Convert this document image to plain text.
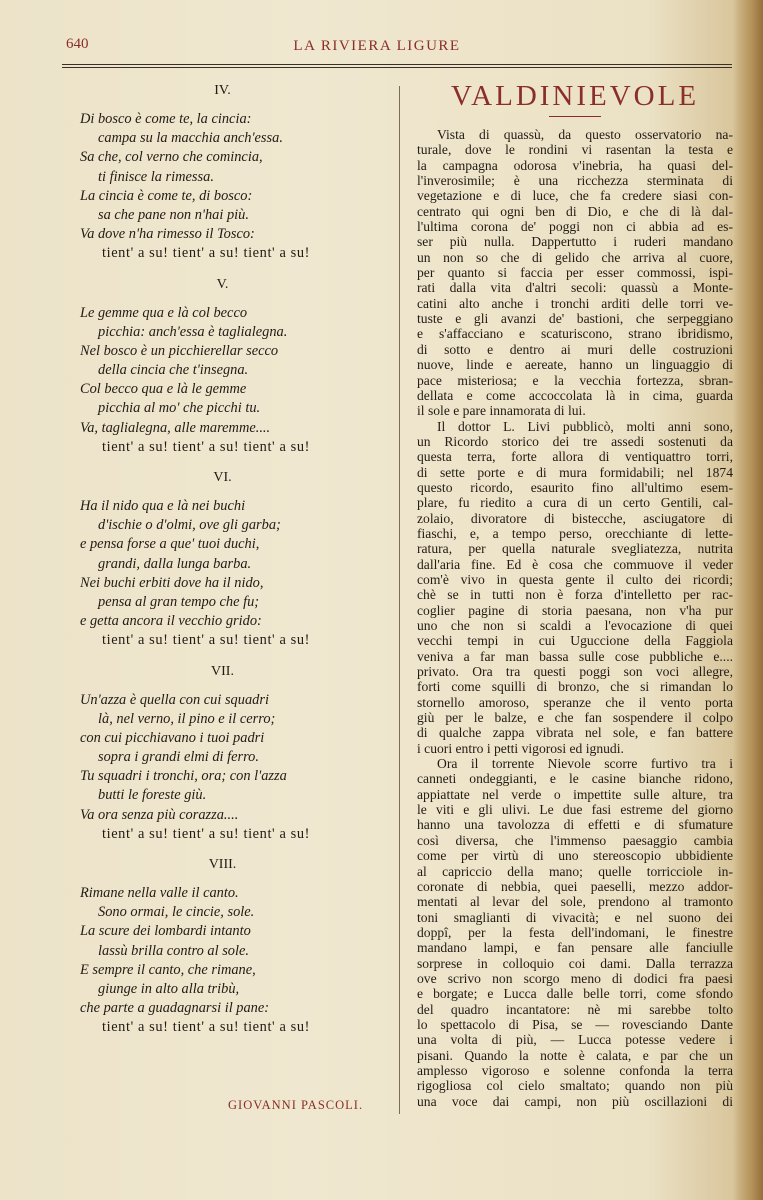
640	LA RIVIERA LIGURE
IV.
Di bosco è come te, la cincia:
campa su la macchia anch'essa.
Sa che, col verno che comincia,
ti finisce la rimessa.
La cincia è come te, di bosco:
sa che pane non n'hai più.
Va dove n'ha rimesso il Tosco:
tient' a su! tient' a su! tient' a su!
V.
Le gemme qua e là col becco
picchia: anch'essa è taglialegna.
Nel bosco è un picchierellar secco
della cincia che t'insegna.
Col becco qua e là le gemme
picchia al mo' che picchi tu.
Va, taglialegna, alle maremme....
tient' a su! tient' a su! tient' a su!
VI.
Ha il nido qua e là nei buchi
d'ischie o d'olmi, ove gli garba;
e pensa forse a que' tuoi duchi,
grandi, dalla lunga barba.
Nei buchi erbiti dove ha il nido,
pensa al gran tempo che fu;
e getta ancora il vecchio grido:
tient' a su! tient' a su! tient' a su!
VII.
Un'azza è quella con cui squadri
là, nel verno, il pino e il cerro;
con cui picchiavano i tuoi padri
sopra i grandi elmi di ferro.
Tu squadri i tronchi, ora; con l'azza
butti le foreste giù.
Va ora senza più corazza....
tient' a su! tient' a su! tient' a su!
VIII.
Rimane nella valle il canto.
Sono ormai, le cincie, sole.
La scure dei lombardi intanto
lassù brilla contro al sole.
E sempre il canto, che rimane,
giunge in alto alla tribù,
che parte a guadagnarsi il pane:
tient' a su! tient' a su! tient' a su!
GIOVANNI PASCOLI.
VALDINIEVOLE
Vista di quassù, da questo osservatorio na-
turale, dove le rondini vi rasentan la testa e
la campagna odorosa v'inebria, ha quasi del-
l'inverosimile; è una ricchezza sterminata di
vegetazione e di luce, che fa credere siasi con-
centrato qui ogni ben di Dio, e che di là dal-
l'ultima corona de' poggi non ci abbia ad es-
ser più nulla. Dappertutto i ruderi mandano
un non so che di gelido che arriva al cuore,
per quanto si faccia per esser commossi, ispi-
rati dalla vita d'altri secoli: quassù a Monte-
catini alto anche i tronchi arditi delle torri ve-
tuste e gli avanzi de' bastioni, che serpeggiano
e s'affacciano e scaturiscono, strano ibridismo,
di sotto e dentro ai muri delle costruzioni
nuove, linde e aereate, hanno un linguaggio di
pace misteriosa; e la vecchia fortezza, sbran-
dellata e come accoccolata là in cima, guarda
il sole e pare innamorata di lui.
Il dottor L. Livi pubblicò, molti anni sono,
un Ricordo storico dei tre assedi sostenuti da
questa terra, forte allora di ventiquattro torri,
di sette porte e di mura formidabili; nel 1874
questo ricordo, esaurito fino all'ultimo esem-
plare, fu riedito a cura di un certo Gentili, cal-
zolaio, divoratore di bistecche, asciugatore di
fiaschi, e, a tempo perso, orecchiante di lette-
ratura, per quella naturale svegliatezza, nutrita
dall'aria fine. Ed è cosa che commuove il veder
com'è vivo in questa gente il culto dei ricordi;
chè se in tutti non è forza d'intelletto per rac-
coglier pagine di storia paesana, non v'ha pur
uno che non si scaldi a l'evocazione di quei
vecchi tempi in cui Uguccione della Faggiola
veniva a far man bassa sulle cose pubbliche e....
privato. Ora tra questi poggi son voci allegre,
forti come squilli di bronzo, che si rimandan lo
stornello amoroso, speranze che il vento porta
giù per le balze, e che fan sospendere il colpo
di qualche zappa vibrata nel sole, e fan battere
i cuori entro i petti vigorosi ed ignudi.
Ora il torrente Nievole scorre furtivo tra i
canneti ondeggianti, e le casine bianche ridono,
appiattate nel verde o impettite sulle alture, tra
le viti e gli ulivi. Le due fasi estreme del giorno
hanno una tavolozza di effetti e di sfumature
così diversa, che l'immenso paesaggio cambia
come per virtù di uno stereoscopio ubbidiente
al capriccio della mano; quelle torricciole in-
coronate di nebbia, quei paeselli, mezzo addor-
mentati al levar del sole, prendono al tramonto
toni smaglianti di vivacità; e nel suono dei
doppî, per la festa dell'indomani, le finestre
mandano lampi, e fan pensare alle fanciulle
sorprese in colloquio coi dami. Dalla terrazza
ove scrivo non scorgo meno di dodici fra paesi
e borgate; e Lucca dalle belle torri, come sfondo
del quadro incantatore: nè mi sarebbe tolto
lo spettacolo di Pisa, se — rovesciando Dante
una volta di più, — Lucca potesse vedere i
pisani. Quando la notte è calata, e par che un
amplesso vigoroso e solenne confonda la terra
rigogliosa col cielo smaltato; quando non più
una voce dai campi, non più oscillazioni di
